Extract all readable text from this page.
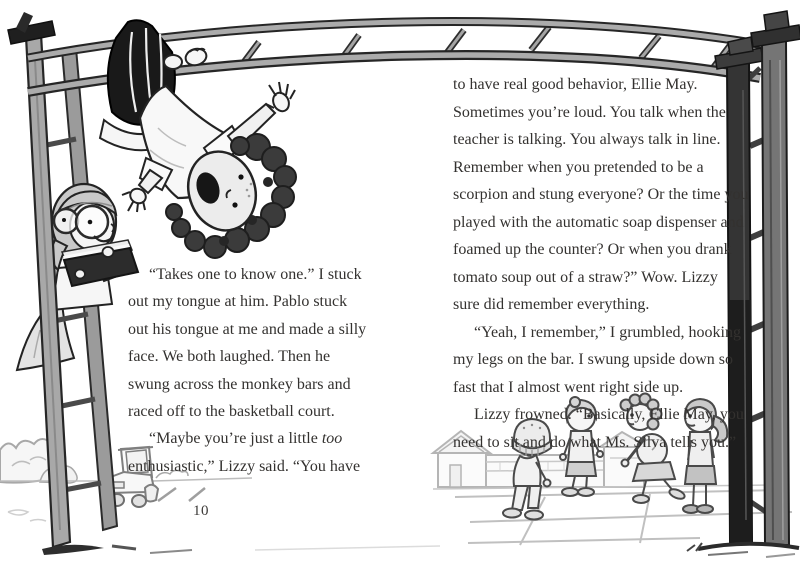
“Takes one to know one.” I stuck
out my tongue at him. Pablo stuck
out his tongue at me and made a silly
face. We both laughed. Then he
swung across the monkey bars and
raced off to the basketball court.
“Maybe you’re just a little too
enthusiastic,” Lizzy said. “You have
to have real good behavior, Ellie May.
Sometimes you’re loud. You talk when the
teacher is talking. You always talk in line.
Remember when you pretended to be a
scorpion and stung everyone? Or the time you
played with the automatic soap dispenser and
foamed up the counter? Or when you drank
tomato soup out of a straw?” Wow. Lizzy
sure did remember everything.
“Yeah, I remember,” I grumbled, hooking
my legs on the bar. I swung upside down so
fast that I almost went right side up.
Lizzy frowned. “Basically, Ellie May, you
need to sit and do what Ms. Silva tells you.”
10
